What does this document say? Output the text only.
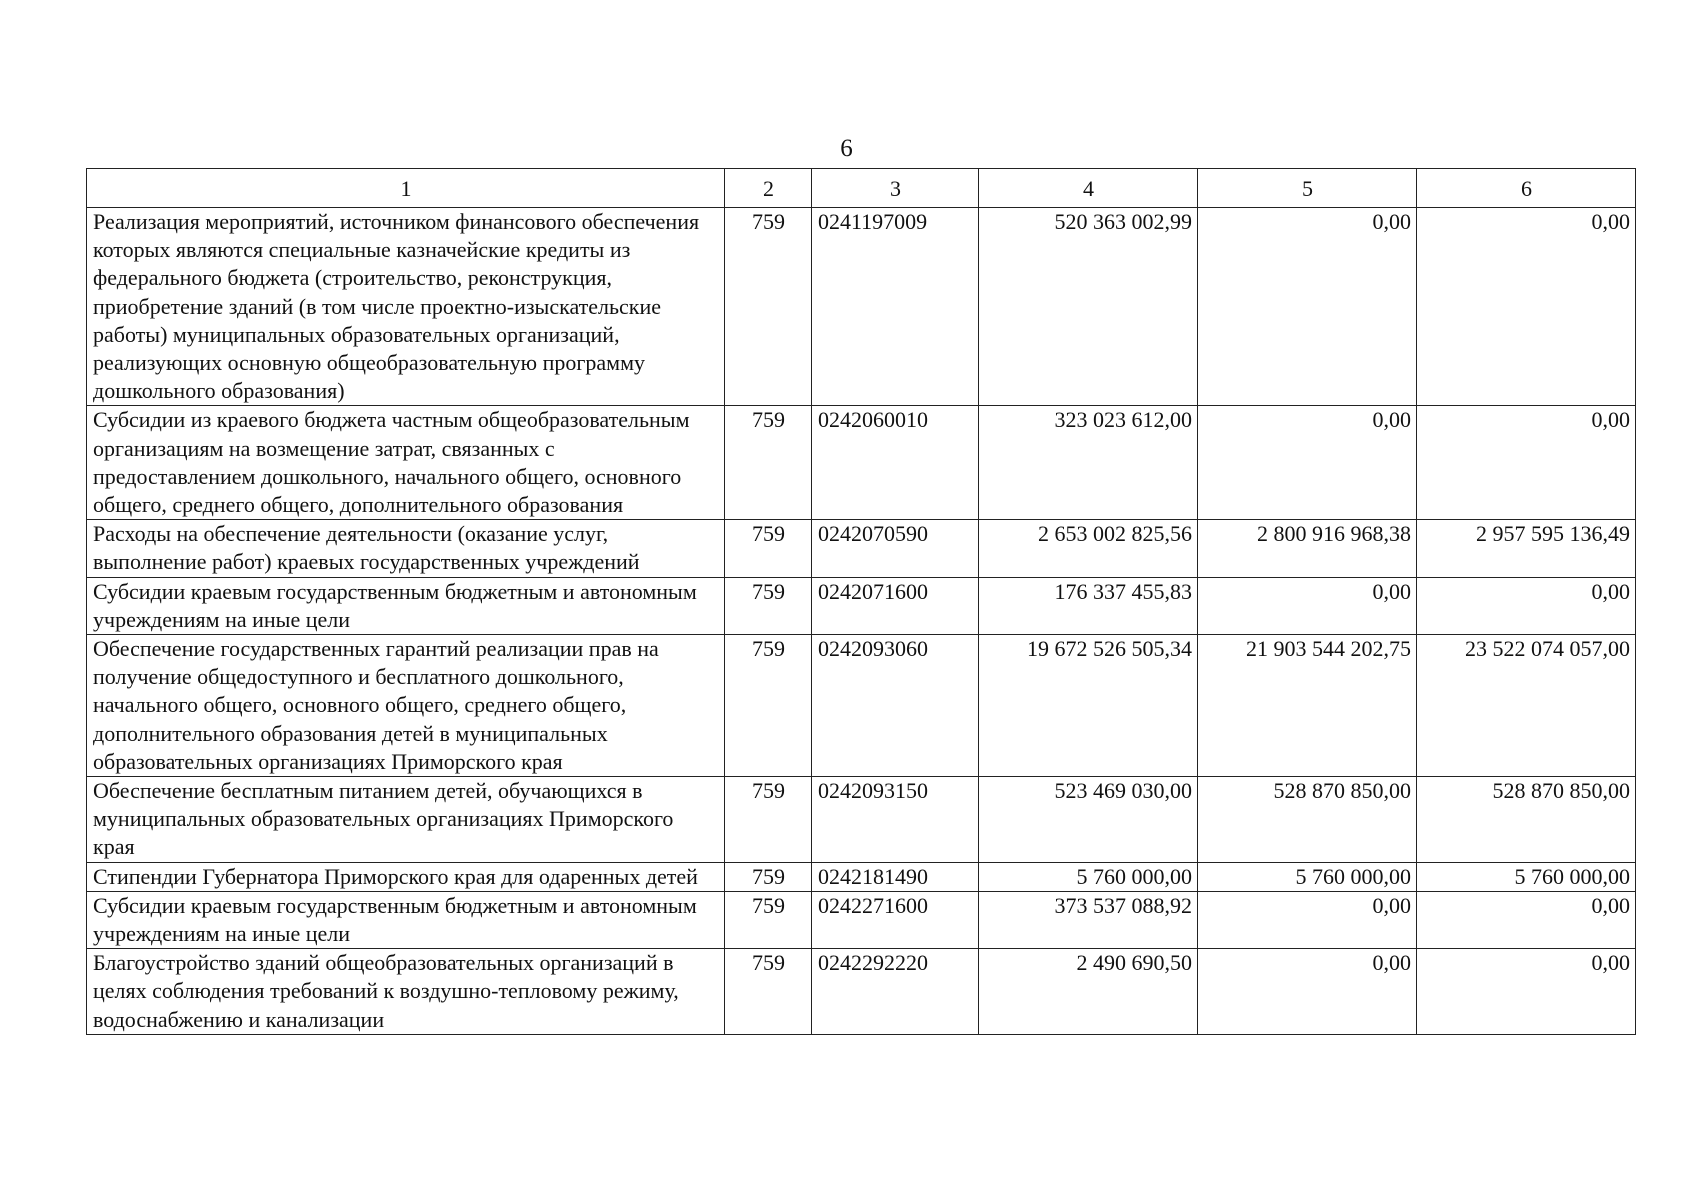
6
1	2	3	4	5	6
Реализация мероприятий, источником финансового обеспечения которых являются специальные казначейские кредиты из федерального бюджета (строительство, реконструкция, приобретение зданий (в том числе проектно-изыскательские работы) муниципальных образовательных организаций, реализующих основную общеобразовательную программу дошкольного образования)	759	0241197009	520 363 002,99	0,00	0,00
Субсидии из краевого бюджета частным общеобразовательным организациям на возмещение затрат, связанных с предоставлением дошкольного, начального общего, основного общего, среднего общего, дополнительного образования	759	0242060010	323 023 612,00	0,00	0,00
Расходы на обеспечение деятельности (оказание услуг, выполнение работ) краевых государственных учреждений	759	0242070590	2 653 002 825,56	2 800 916 968,38	2 957 595 136,49
Субсидии краевым государственным бюджетным и автономным учреждениям на иные цели	759	0242071600	176 337 455,83	0,00	0,00
Обеспечение государственных гарантий реализации прав на получение общедоступного и бесплатного дошкольного, начального общего, основного общего, среднего общего, дополнительного образования детей в муниципальных образовательных организациях Приморского края	759	0242093060	19 672 526 505,34	21 903 544 202,75	23 522 074 057,00
Обеспечение бесплатным питанием детей, обучающихся в муниципальных образовательных организациях Приморского края	759	0242093150	523 469 030,00	528 870 850,00	528 870 850,00
Стипендии Губернатора Приморского края для одаренных детей	759	0242181490	5 760 000,00	5 760 000,00	5 760 000,00
Субсидии краевым государственным бюджетным и автономным учреждениям на иные цели	759	0242271600	373 537 088,92	0,00	0,00
Благоустройство зданий общеобразовательных организаций в целях соблюдения требований к воздушно-тепловому режиму, водоснабжению и канализации	759	0242292220	2 490 690,50	0,00	0,00
